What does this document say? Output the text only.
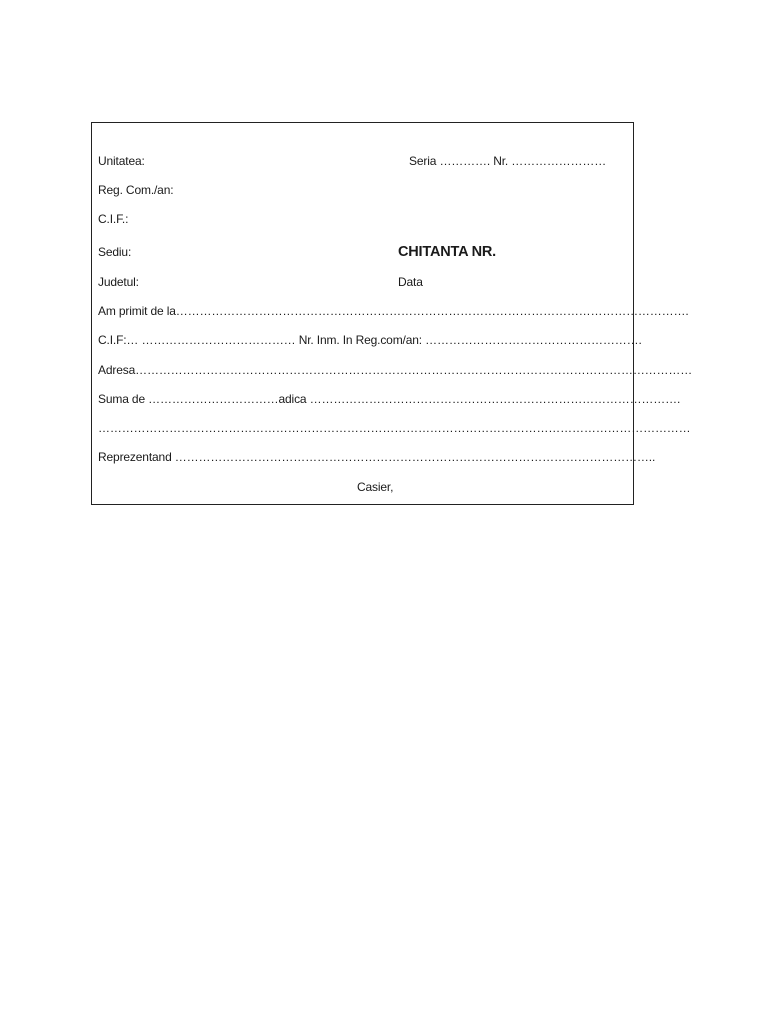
Unitatea:
Reg. Com./an:
C.I.F.:
Sediu:
Judetul:
Seria …………. Nr. ……………………
CHITANTA NR.
Data
Am primit de la………………………………………………………………………………………………………………….
C.I.F:… ………………………………… Nr. Inm. In Reg.com/an: ……………………………………………….
Adresa……………………………………………………………………………………………………………………………
Suma de ……………………………adica ………………………………………………………………………………….
……………………………………………………………………………………………………………………………………
Reprezentand …………………………………………………………………………………………………………..
Casier,
